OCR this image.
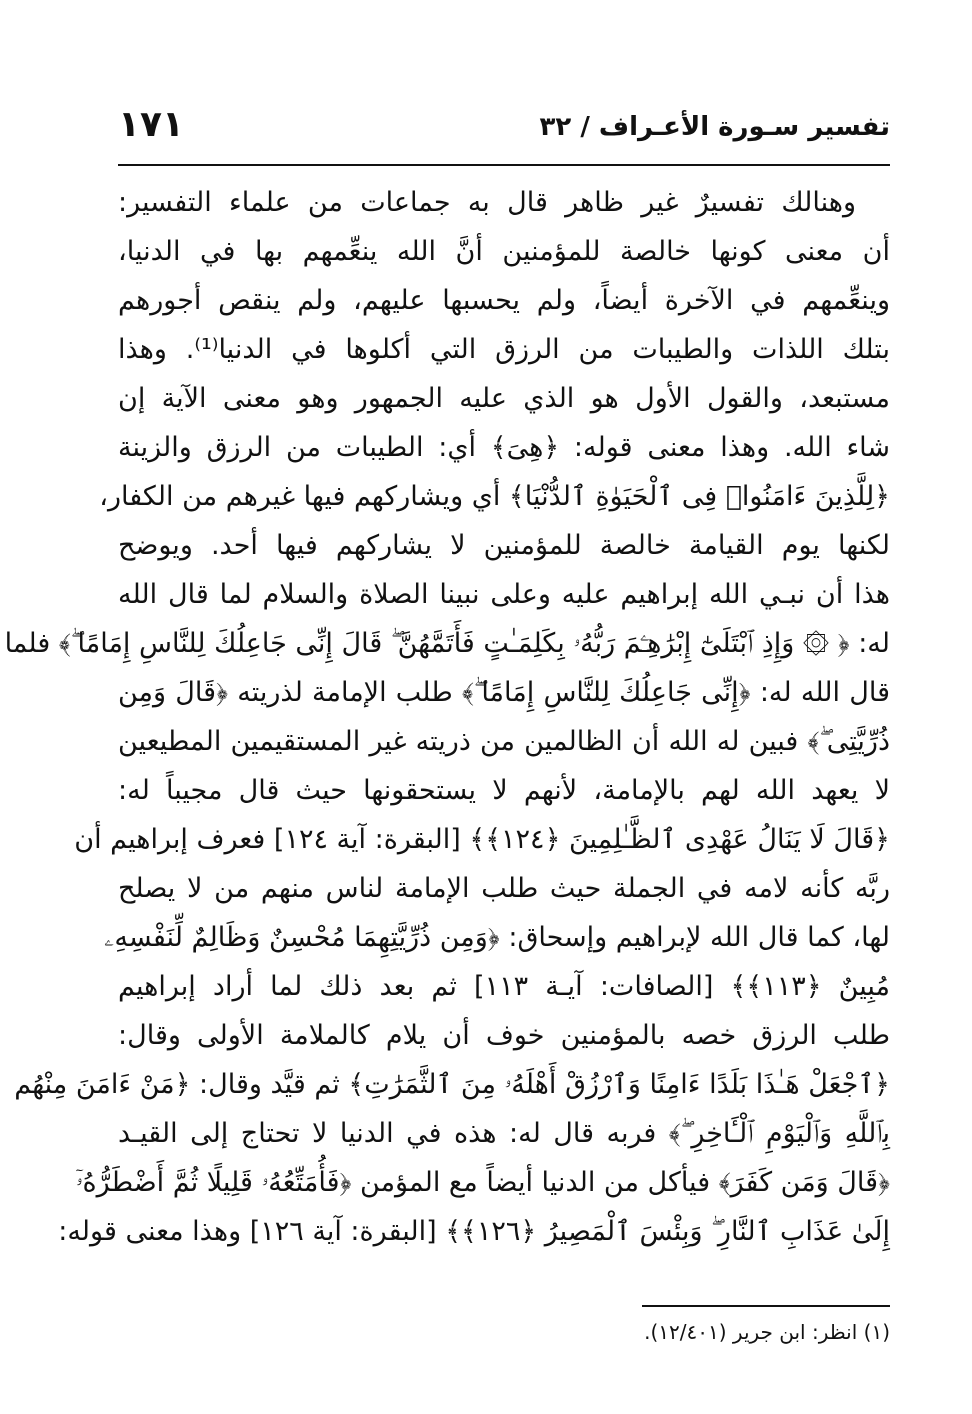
تفسير سـورة الأعـراف / ٣٢
١٧١
وهنالك تفسيرٌ غير ظاهر قال به جماعات من علماء التفسير:
أن معنى كونها خالصة للمؤمنين أنَّ الله ينعِّمهم بها في الدنيا،
وينعِّمهم في الآخرة أيضاً، ولم يحسبها عليهم، ولم ينقص أجورهم
بتلك اللذات والطيبات من الرزق التي أكلوها في الدنيا⁽¹⁾. وهذا
مستبعد، والقول الأول هو الذي عليه الجمهور وهو معنى الآية إن
شاء الله. وهذا معنى قوله: ﴿هِىَ﴾ أي: الطيبات من الرزق والزينة
﴿لِلَّذِينَ ءَامَنُوا۟ فِى ٱلْحَيَوٰةِ ٱلدُّنْيَا﴾ أي ويشاركهم فيها غيرهم من الكفار،
لكنها يوم القيامة خالصة للمؤمنين لا يشاركهم فيها أحد. ويوضح
هذا أن نبـي الله إبراهيم عليه وعلى نبينا الصلاة والسلام لما قال الله
له: ﴿ ۞ وَإِذِ ٱبْتَلَىٰٓ إِبْرَٰهِـۧمَ رَبُّهُۥ بِكَلِمَـٰتٍ فَأَتَمَّهُنَّ ۖ قَالَ إِنِّى جَاعِلُكَ لِلنَّاسِ إِمَامًا ۖ﴾ فلما
قال الله له: ﴿إِنِّى جَاعِلُكَ لِلنَّاسِ إِمَامًا ۖ﴾ طلب الإمامة لذريته ﴿قَالَ وَمِن
ذُرِّيَّتِى ۖ﴾ فبين له الله أن الظالمين من ذريته غير المستقيمين المطيعين
لا يعهد الله لهم بالإمامة، لأنهم لا يستحقونها حيث قال مجيباً له:
﴿قَالَ لَا يَنَالُ عَهْدِى ٱلظَّـٰلِمِينَ ﴿١٢٤﴾﴾ [البقرة: آية ١٢٤] فعرف إبراهيم أن
ربَّه كأنه لامه في الجملة حيث طلب الإمامة لناس منهم من لا يصلح
لها، كما قال الله لإبراهيم وإسحاق: ﴿وَمِن ذُرِّيَّتِهِمَا مُحْسِنٌ وَظَالِمٌ لِّنَفْسِهِۦ
مُبِينٌ ﴿١١٣﴾﴾ [الصافات: آيـة ١١٣] ثم بعد ذلك لما أراد إبراهيم
طلب الرزق خصه بالمؤمنين خوف أن يلام كالملامة الأولى وقال:
﴿ٱجْعَلْ هَـٰذَا بَلَدًا ءَامِنًا وَٱرْزُقْ أَهْلَهُۥ مِنَ ٱلثَّمَرَٰتِ﴾ ثم قيَّد وقال: ﴿مَنْ ءَامَنَ مِنْهُم
بِٱللَّهِ وَٱلْيَوْمِ ٱلْـَٔاخِرِ ۖ﴾ فربه قال له: هذه في الدنيا لا تحتاج إلى القيـد
﴿قَالَ وَمَن كَفَرَ﴾ فيأكل من الدنيا أيضاً مع المؤمن ﴿فَأُمَتِّعُهُۥ قَلِيلًا ثُمَّ أَضْطَرُّهُۥٓ
إِلَىٰ عَذَابِ ٱلنَّارِ ۖ وَبِئْسَ ٱلْمَصِيرُ ﴿١٢٦﴾﴾ [البقرة: آية ١٢٦] وهذا معنى قوله:
(١) انظر: ابن جرير (١٢/٤٠١).
